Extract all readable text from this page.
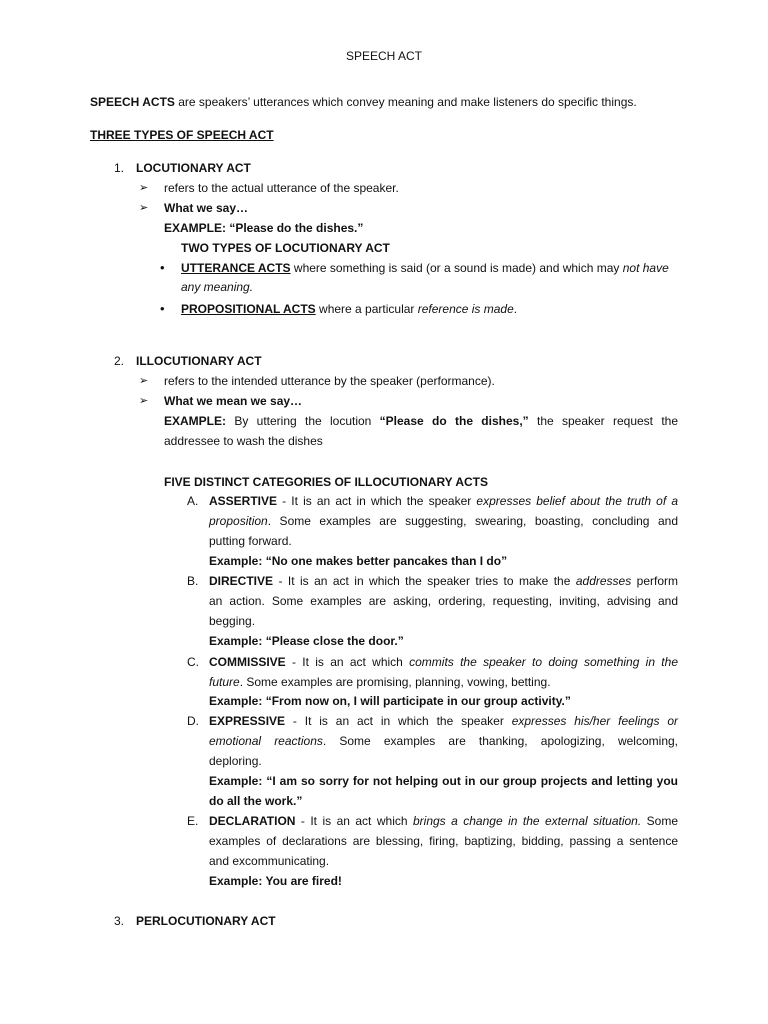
SPEECH ACT
SPEECH ACTS are speakers’ utterances which convey meaning and make listeners do specific things.
THREE TYPES OF SPEECH ACT
1. LOCUTIONARY ACT
➢ refers to the actual utterance of the speaker.
➢ What we say…
EXAMPLE: “Please do the dishes.”
TWO TYPES OF LOCUTIONARY ACT
• UTTERANCE ACTS where something is said (or a sound is made) and which may not have
any meaning.
• PROPOSITIONAL ACTS where a particular reference is made.
2. ILLOCUTIONARY ACT
➢ refers to the intended utterance by the speaker (performance).
➢ What we mean we say…
EXAMPLE: By uttering the locution “Please do the dishes,” the speaker request the
addressee to wash the dishes
FIVE DISTINCT CATEGORIES OF ILLOCUTIONARY ACTS
A. ASSERTIVE - It is an act in which the speaker expresses belief about the truth of a
proposition. Some examples are suggesting, swearing, boasting, concluding and
putting forward.
Example: “No one makes better pancakes than I do”
B. DIRECTIVE - It is an act in which the speaker tries to make the addresses perform
an action. Some examples are asking, ordering, requesting, inviting, advising and
begging.
Example: “Please close the door.”
C. COMMISSIVE - It is an act which commits the speaker to doing something in the
future. Some examples are promising, planning, vowing, betting.
Example: “From now on, I will participate in our group activity.”
D. EXPRESSIVE - It is an act in which the speaker expresses his/her feelings or
emotional reactions. Some examples are thanking, apologizing, welcoming,
deploring.
Example: “I am so sorry for not helping out in our group projects and letting you
do all the work.”
E. DECLARATION - It is an act which brings a change in the external situation. Some
examples of declarations are blessing, firing, baptizing, bidding, passing a sentence
and excommunicating.
Example: You are fired!
3. PERLOCUTIONARY ACT
